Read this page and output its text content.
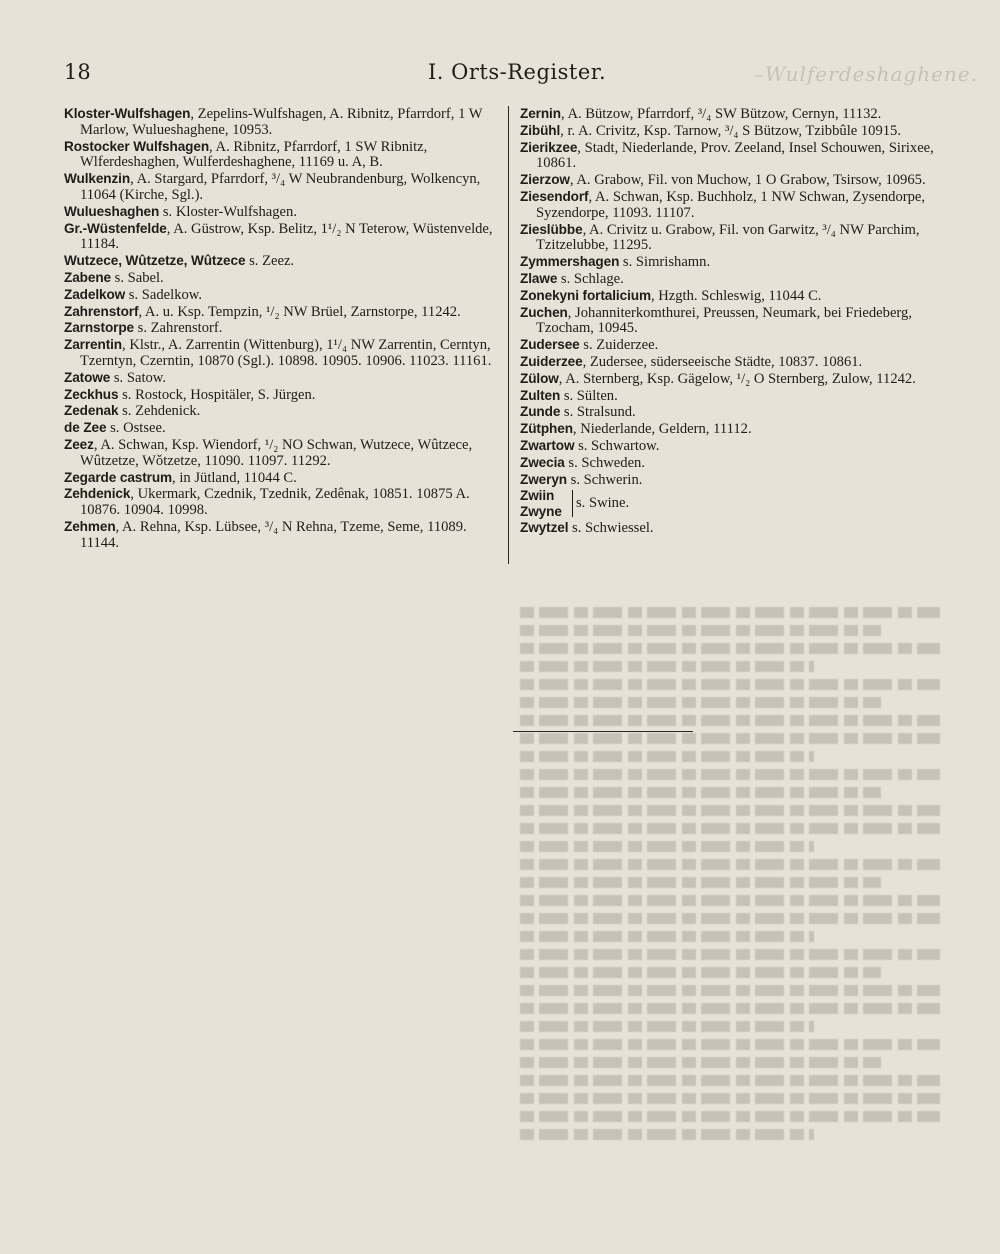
–Wulferdeshaghene.
18	I. Orts-Register.

Kloster-Wulfshagen, Zepelins-Wulfshagen, A. Ribnitz, Pfarrdorf, 1 W Marlow, Wulueshaghene, 10953.

Rostocker Wulfshagen, A. Ribnitz, Pfarrdorf, 1 SW Ribnitz, Wlferdeshaghen, Wulferdeshaghene, 11169 u. A, B.

Wulkenzin, A. Stargard, Pfarrdorf, ³/₄ W Neubrandenburg, Wolkencyn, 11064 (Kirche, Sgl.).

Wulueshaghen s. Kloster-Wulfshagen.

Gr.-Wüstenfelde, A. Güstrow, Ksp. Belitz, 1¹/₂ N Teterow, Wüstenvelde, 11184.

Wutzece, Wûtzetze, Wûtzece s. Zeez.

Zabene s. Sabel.

Zadelkow s. Sadelkow.

Zahrenstorf, A. u. Ksp. Tempzin, ¹/₂ NW Brüel, Zarnstorpe, 11242.

Zarnstorpe s. Zahrenstorf.

Zarrentin, Klstr., A. Zarrentin (Wittenburg), 1¹/₄ NW Zarrentin, Cerntyn, Tzerntyn, Czerntin, 10870 (Sgl.). 10898. 10905. 10906. 11023. 11161.

Zatowe s. Satow.

Zeckhus s. Rostock, Hospitäler, S. Jürgen.

Zedenak s. Zehdenick.

de Zee s. Ostsee.

Zeez, A. Schwan, Ksp. Wiendorf, ¹/₂ NO Schwan, Wutzece, Wûtzece, Wûtzetze, Wǒtzetze, 11090. 11097. 11292.

Zegarde castrum, in Jütland, 11044 C.

Zehdenick, Ukermark, Czednik, Tzednik, Zedênak, 10851. 10875 A. 10876. 10904. 10998.

Zehmen, A. Rehna, Ksp. Lübsee, ³/₄ N Rehna, Tzeme, Seme, 11089. 11144.

Zernin, A. Bützow, Pfarrdorf, ³/₄ SW Bützow, Cernyn, 11132.

Zibühl, r. A. Crivitz, Ksp. Tarnow, ³/₄ S Bützow, Tzibbûle 10915.

Zierikzee, Stadt, Niederlande, Prov. Zeeland, Insel Schouwen, Sirixee, 10861.

Zierzow, A. Grabow, Fil. von Muchow, 1 O Grabow, Tsirsow, 10965.

Ziesendorf, A. Schwan, Ksp. Buchholz, 1 NW Schwan, Zysendorpe, Syzendorpe, 11093. 11107.

Zieslübbe, A. Crivitz u. Grabow, Fil. von Garwitz, ³/₄ NW Parchim, Tzitzelubbe, 11295.

Zymmershagen s. Simrishamn.

Zlawe s. Schlage.

Zonekyni fortalicium, Hzgth. Schleswig, 11044 C.

Zuchen, Johanniterkomthurei, Preussen, Neumark, bei Friedeberg, Tzocham, 10945.

Zudersee s. Zuiderzee.

Zuiderzee, Zudersee, süderseeische Städte, 10837. 10861.

Zülow, A. Sternberg, Ksp. Gägelow, ¹/₂ O Sternberg, Zulow, 11242.

Zulten s. Sülten.

Zunde s. Stralsund.

Zütphen, Niederlande, Geldern, 11112.

Zwartow s. Schwartow.

Zwecia s. Schweden.

Zweryn s. Schwerin.

Zwiin
Zwyne
s. Swine.

Zwytzel s. Schwiessel.
